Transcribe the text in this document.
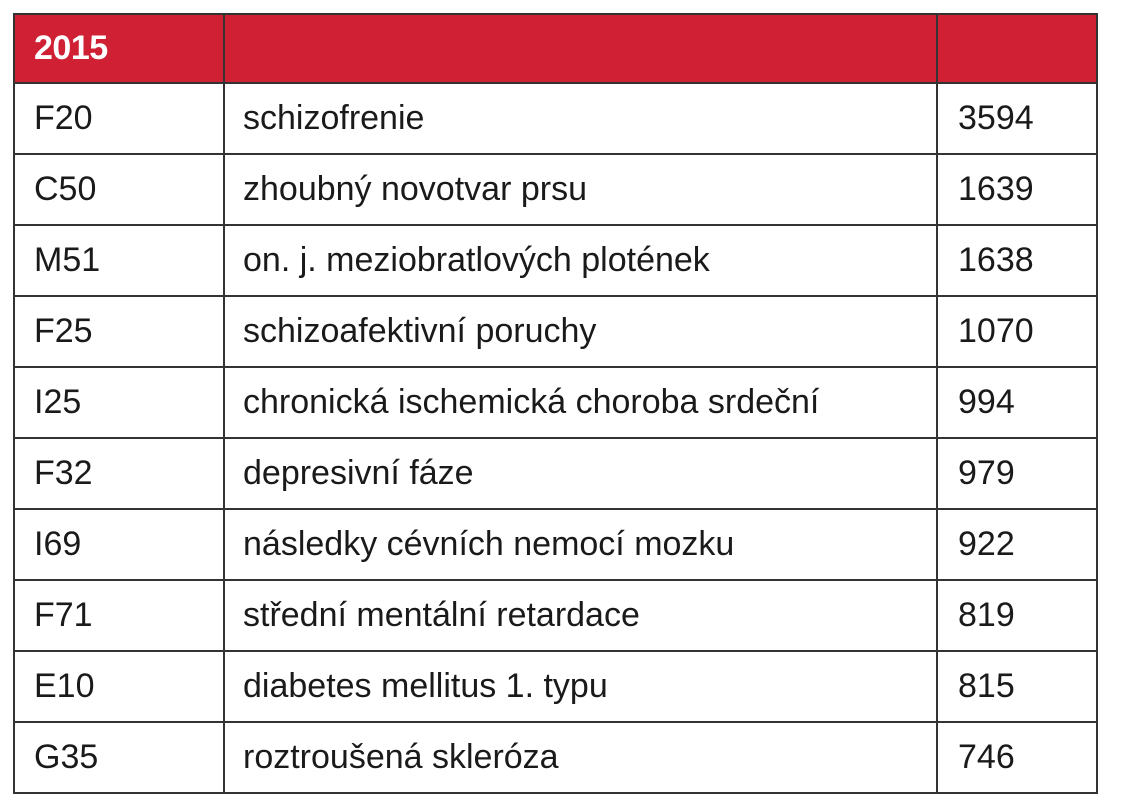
2015		
F20	schizofrenie	3594
C50	zhoubný novotvar prsu	1639
M51	on. j. meziobratlových plotének	1638
F25	schizoafektivní poruchy	1070
I25	chronická ischemická choroba srdeční	994
F32	depresivní fáze	979
I69	následky cévních nemocí mozku	922
F71	střední mentální retardace	819
E10	diabetes mellitus 1. typu	815
G35	roztroušená skleróza	746
